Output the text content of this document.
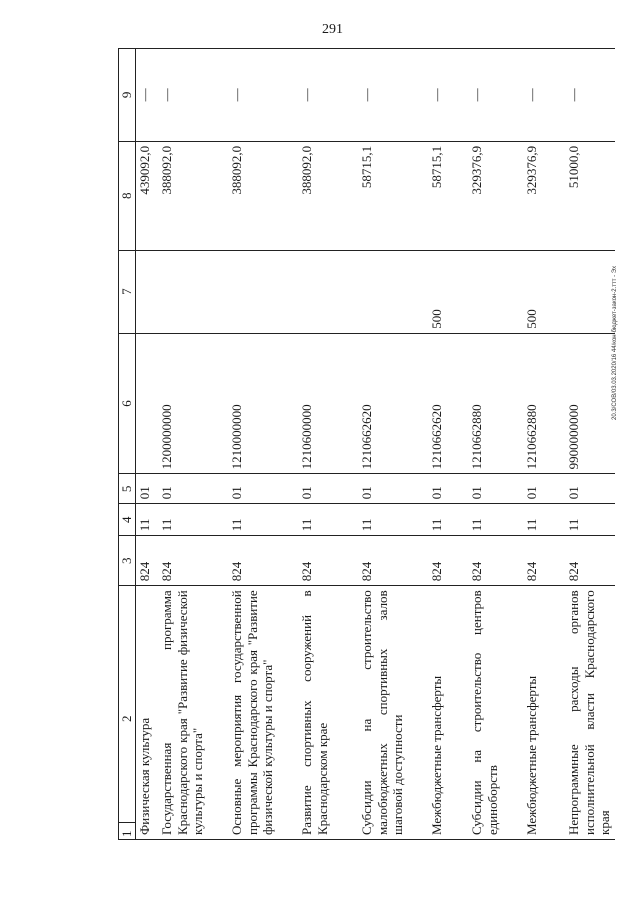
291
20.3/СОВ/03.03.2020/16 44/кон-бюджет-закон-2.ттт - Эх
1 2	3	4	5	6	7	8	9
Физическая культура	824	11	01			439092,0	—
Государственная программа Краснодарского края "Развитие физической культуры и спорта"	824	11	01	1200000000		388092,0	—
Основные мероприятия государственной программы Краснодарского края "Развитие физической культуры и спорта"	824	11	01	1210000000		388092,0	—
Развитие спортивных сооружений в Краснодарском крае	824	11	01	1210600000		388092,0	—
Субсидии на строительство малобюджетных спортивных залов шаговой доступности	824	11	01	1210662620		58715,1	—
Межбюджетные трансферты	824	11	01	1210662620	500	58715,1	—
Субсидии на строительство центров единоборств	824	11	01	1210662880		329376,9	—
Межбюджетные трансферты	824	11	01	1210662880	500	329376,9	—
Непрограммные расходы органов исполнительной власти Краснодарского края	824	11	01	9900000000		51000,0	—
